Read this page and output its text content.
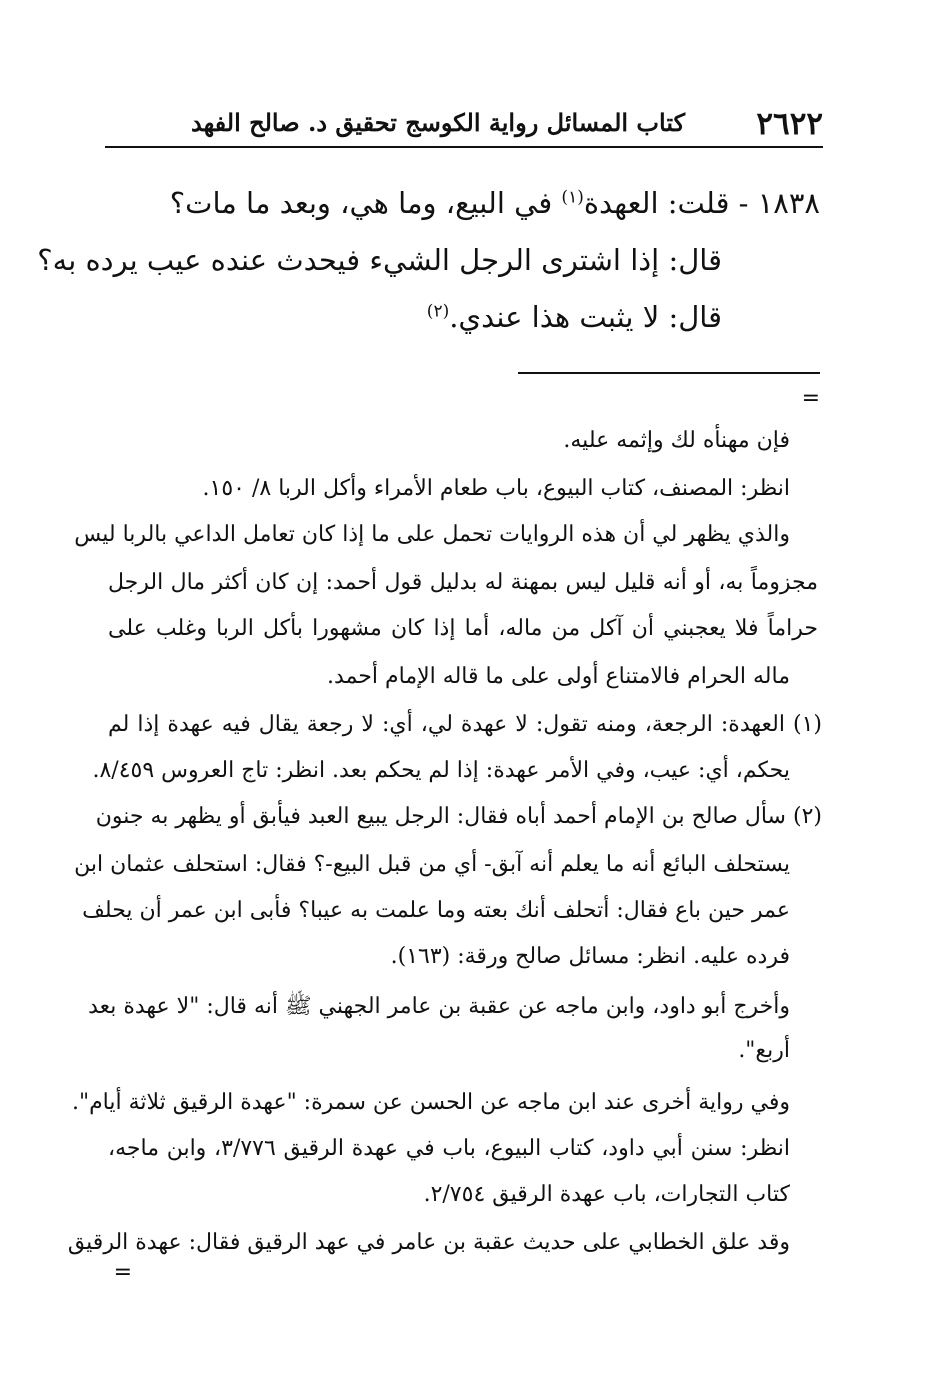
٢٦٢٢
كتاب المسائل رواية الكوسج تحقيق د. صالح الفهد
١٨٣٨ - قلت: العهدة$^{(١)}$ في البيع، وما هي، وبعد ما مات؟
قال: إذا اشترى الرجل الشيء فيحدث عنده عيب يرده به؟
قال: لا يثبت هذا عندي.$^{(٢)}$
=
فإن مهنأه لك وإثمه عليه.
انظر: المصنف، كتاب البيوع، باب طعام الأمراء وأكل الربا ٨/ ١٥٠.
والذي يظهر لي أن هذه الروايات تحمل على ما إذا كان تعامل الداعي بالربا ليس
مجزوماً به، أو أنه قليل ليس بمهنة له بدليل قول أحمد: إن كان أكثر مال الرجل
حراماً فلا يعجبني أن آكل من ماله، أما إذا كان مشهورا بأكل الربا وغلب على
ماله الحرام فالامتناع أولى على ما قاله الإمام أحمد.
(١) العهدة: الرجعة، ومنه تقول: لا عهدة لي، أي: لا رجعة يقال فيه عهدة إذا لم
يحكم، أي: عيب، وفي الأمر عهدة: إذا لم يحكم بعد. انظر: تاج العروس ٨/٤٥٩.
(٢) سأل صالح بن الإمام أحمد أباه فقال: الرجل يبيع العبد فيأبق أو يظهر به جنون
يستحلف البائع أنه ما يعلم أنه آبق- أي من قبل البيع-؟ فقال: استحلف عثمان ابن
عمر حين باع فقال: أتحلف أنك بعته وما علمت به عيبا؟ فأبى ابن عمر أن يحلف
فرده عليه. انظر: مسائل صالح ورقة: (١٦٣).
وأخرج أبو داود، وابن ماجه عن عقبة بن عامر الجهني ﷺ أنه قال: "لا عهدة بعد
أربع".
وفي رواية أخرى عند ابن ماجه عن الحسن عن سمرة: "عهدة الرقيق ثلاثة أيام".
انظر: سنن أبي داود، كتاب البيوع، باب في عهدة الرقيق ٣/٧٧٦، وابن ماجه،
كتاب التجارات، باب عهدة الرقيق ٢/٧٥٤.
وقد علق الخطابي على حديث عقبة بن عامر في عهد الرقيق فقال: عهدة الرقيق
=
